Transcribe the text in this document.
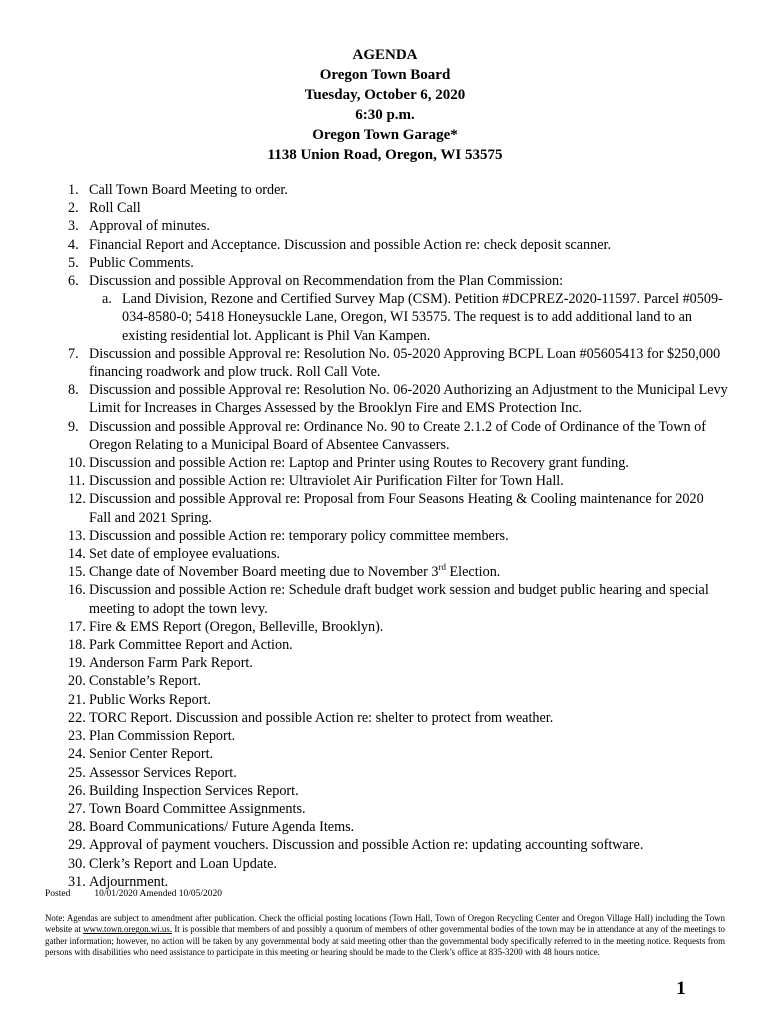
AGENDA
Oregon Town Board
Tuesday, October 6, 2020
6:30 p.m.
Oregon Town Garage*
1138 Union Road, Oregon, WI 53575
1. Call Town Board Meeting to order.
2. Roll Call
3. Approval of minutes.
4. Financial Report and Acceptance. Discussion and possible Action re: check deposit scanner.
5. Public Comments.
6. Discussion and possible Approval on Recommendation from the Plan Commission:
a. Land Division, Rezone and Certified Survey Map (CSM). Petition #DCPREZ-2020-11597. Parcel #0509-034-8580-0; 5418 Honeysuckle Lane, Oregon, WI 53575. The request is to add additional land to an existing residential lot. Applicant is Phil Van Kampen.
7. Discussion and possible Approval re: Resolution No. 05-2020 Approving BCPL Loan #05605413 for $250,000 financing roadwork and plow truck. Roll Call Vote.
8. Discussion and possible Approval re: Resolution No. 06-2020 Authorizing an Adjustment to the Municipal Levy Limit for Increases in Charges Assessed by the Brooklyn Fire and EMS Protection Inc.
9. Discussion and possible Approval re: Ordinance No. 90 to Create 2.1.2 of Code of Ordinance of the Town of Oregon Relating to a Municipal Board of Absentee Canvassers.
10. Discussion and possible Action re: Laptop and Printer using Routes to Recovery grant funding.
11. Discussion and possible Action re: Ultraviolet Air Purification Filter for Town Hall.
12. Discussion and possible Approval re: Proposal from Four Seasons Heating & Cooling maintenance for 2020 Fall and 2021 Spring.
13. Discussion and possible Action re: temporary policy committee members.
14. Set date of employee evaluations.
15. Change date of November Board meeting due to November 3rd Election.
16. Discussion and possible Action re: Schedule draft budget work session and budget public hearing and special meeting to adopt the town levy.
17. Fire & EMS Report (Oregon, Belleville, Brooklyn).
18. Park Committee Report and Action.
19. Anderson Farm Park Report.
20. Constable’s Report.
21. Public Works Report.
22. TORC Report. Discussion and possible Action re: shelter to protect from weather.
23. Plan Commission Report.
24. Senior Center Report.
25. Assessor Services Report.
26. Building Inspection Services Report.
27. Town Board Committee Assignments.
28. Board Communications/ Future Agenda Items.
29. Approval of payment vouchers. Discussion and possible Action re: updating accounting software.
30. Clerk’s Report and Loan Update.
31. Adjournment.
Posted	10/01/2020 Amended 10/05/2020
Note: Agendas are subject to amendment after publication. Check the official posting locations (Town Hall, Town of Oregon Recycling Center and Oregon Village Hall) including the Town website at www.town.oregon.wi.us. It is possible that members of and possibly a quorum of members of other governmental bodies of the town may be in attendance at any of the meetings to gather information; however, no action will be taken by any governmental body at said meeting other than the governmental body specifically referred to in the meeting notice. Requests from persons with disabilities who need assistance to participate in this meeting or hearing should be made to the Clerk’s office at 835-3200 with 48 hours notice.
1
